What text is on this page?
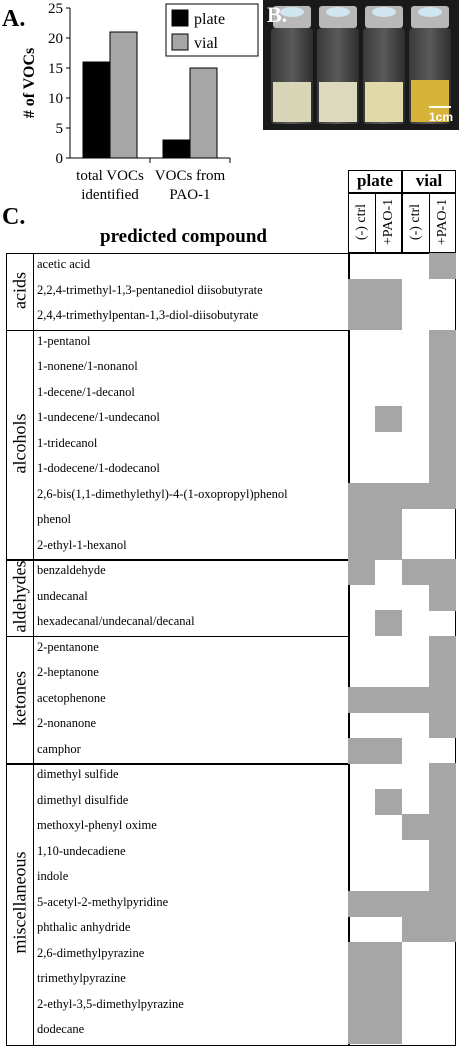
A.
0
5
10
15
20
25
# of VOCs
total VOCs
identified
VOCs from
PAO-1
plate
vial
B.
1cm
C.
predicted compound
plate	vial
(-) ctrl +PAO-1 (-) ctrl +PAO-1
acetic acid
2,2,4-trimethyl-1,3-pentanediol diisobutyrate
2,4,4-trimethylpentan-1,3-diol-diisobutyrate
acids
1-pentanol
1-nonene/1-nonanol
1-decene/1-decanol
1-undecene/1-undecanol
1-tridecanol
1-dodecene/1-dodecanol
2,6-bis(1,1-dimethylethyl)-4-(1-oxopropyl)phenol
phenol
2-ethyl-1-hexanol
alcohols
benzaldehyde
undecanal
hexadecanal/undecanal/decanal
aldehydes
2-pentanone
2-heptanone
acetophenone
2-nonanone
camphor
ketones
dimethyl sulfide
dimethyl disulfide
methoxyl-phenyl oxime
1,10-undecadiene
indole
5-acetyl-2-methylpyridine
phthalic anhydride
2,6-dimethylpyrazine
trimethylpyrazine
2-ethyl-3,5-dimethylpyrazine
dodecane
miscellaneous
